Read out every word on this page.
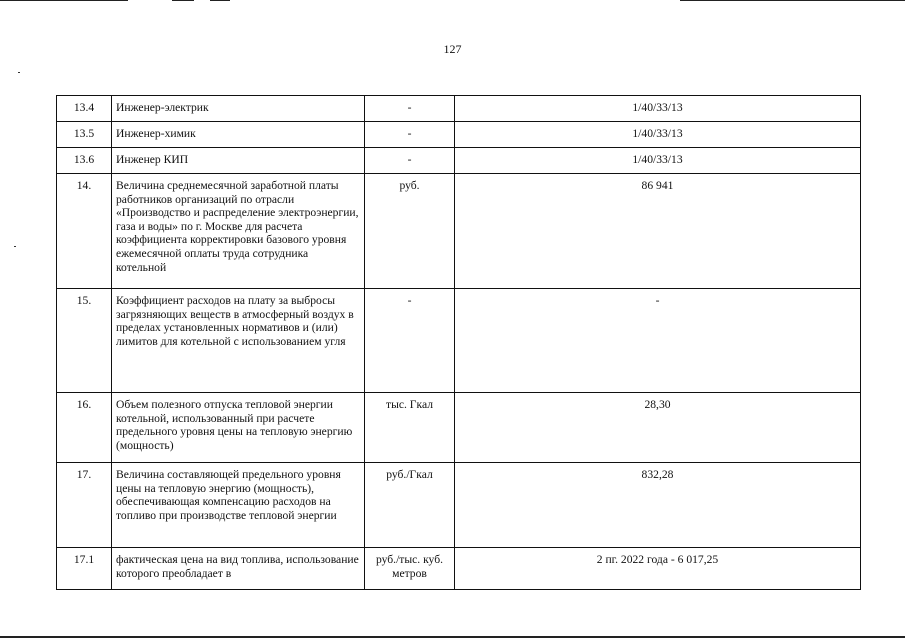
127
13.4	Инженер-электрик	-	1/40/33/13
13.5	Инженер-химик	-	1/40/33/13
13.6	Инженер КИП	-	1/40/33/13
14.	Величина среднемесячной заработной платы работников организаций по отрасли «Производство и распределение электроэнергии, газа и воды» по г. Москве для расчета коэффициента корректировки базового уровня ежемесячной оплаты труда сотрудника котельной	руб.	86 941
15.	Коэффициент расходов на плату за выбросы загрязняющих веществ в атмосферный воздух в пределах установленных нормативов и (или) лимитов для котельной с использованием угля	-	-
16.	Объем полезного отпуска тепловой энергии котельной, использованный при расчете предельного уровня цены на тепловую энергию (мощность)	тыс. Гкал	28,30
17.	Величина составляющей предельного уровня цены на тепловую энергию (мощность), обеспечивающая компенсацию расходов на топливо при производстве тепловой энергии	руб./Гкал	832,28
17.1	фактическая цена на вид топлива, использование которого преобладает в	руб./тыс. куб. метров	2 пг. 2022 года - 6 017,25
